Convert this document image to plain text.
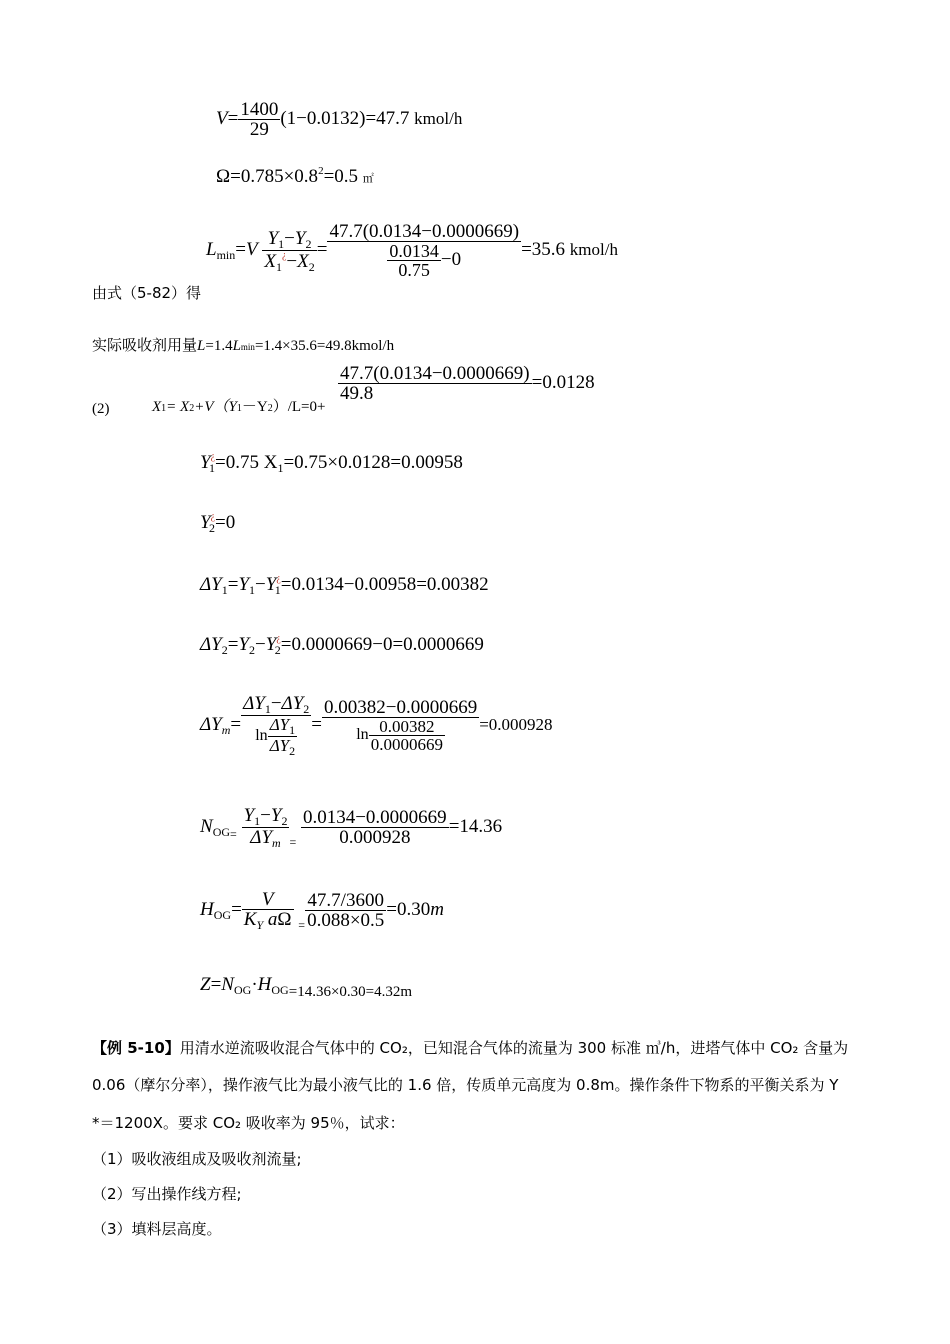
$V= \frac{1400}{29} (1-0.0132)=47.7$ kmol/h
$\Omega=0.785\times 0.8^2=0.5$ ㎡
$L_{min}=V \frac{Y_1-Y_2}{X_1^¿-X_2} = \frac{47.7(0.0134-0.0000669)}{\frac{0.0134}{0.75} -0} =35.6$ kmol/h
由式（5-82）得
实际吸收剂用量L=1.4Lmin=1.4×35.6=49.8kmol/h
(2)	X1= X2+V（Y1－Y2）/L=0+
$\frac{47.7(0.0134-0.0000669)}{49.8} =0.0128$
$Y^¿_1=0.75$ $X_1=0.75\times 0.0128=0.00958$
$Y^¿_2=0$
$\Delta Y_1=Y_1-Y^¿_1=0.0134-0.00958=0.00382$
$\Delta Y_2=Y_2-Y^¿_2=0.0000669-0=0.0000669$
$\Delta Y_m= \frac{\Delta Y_1-\Delta Y_2}{\ln \frac{\Delta Y_1}{\Delta Y_2}} = \frac{0.00382-0.0000669}{\ln \frac{0.00382}{0.0000669}} =0.000928$
$N_{OG=} \frac{Y_1-Y_2}{\Delta Y_m} _= \frac{0.0134-0.0000669}{0.000928} =14.36$
$H_{OG}= \frac{V}{K_Y a\Omega} _= \frac{47.7/3600}{0.088\times 0.5} =0.30m$
$Z=N_{OG}\cdot H_{OG=14.36\times 0.30=4.32m}$
【例 5-10】用清水逆流吸收混合气体中的 CO₂，已知混合气体的流量为 300 标准 ㎥/h，进塔气体中 CO₂ 含量为
0.06（摩尔分率），操作液气比为最小液气比的 1.6 倍，传质单元高度为 0.8m。操作条件下物系的平衡关系为 Y
*＝1200X。要求 CO₂ 吸收率为 95％，试求：
（1）吸收液组成及吸收剂流量;
（2）写出操作线方程;
（3）填料层高度。
